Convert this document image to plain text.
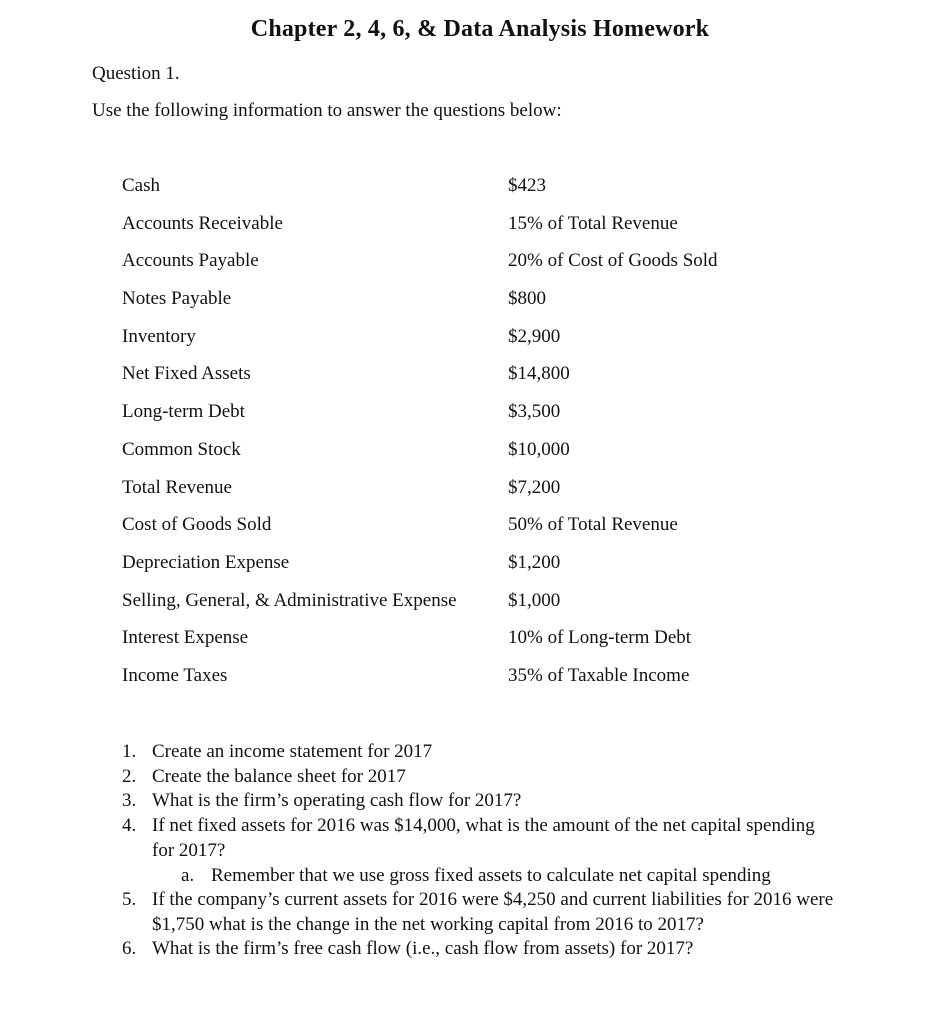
Chapter 2, 4, 6, & Data Analysis Homework
Question 1.
Use the following information to answer the questions below:
Cash	$423
Accounts Receivable	15% of Total Revenue
Accounts Payable	20% of Cost of Goods Sold
Notes Payable	$800
Inventory	$2,900
Net Fixed Assets	$14,800
Long-term Debt	$3,500
Common Stock	$10,000
Total Revenue	$7,200
Cost of Goods Sold	50% of Total Revenue
Depreciation Expense	$1,200
Selling, General, & Administrative Expense	$1,000
Interest Expense	10% of Long-term Debt
Income Taxes	35% of Taxable Income
1. Create an income statement for 2017
2. Create the balance sheet for 2017
3. What is the firm’s operating cash flow for 2017?
4. If net fixed assets for 2016 was $14,000, what is the amount of the net capital spending
for 2017?
a. Remember that we use gross fixed assets to calculate net capital spending
5. If the company’s current assets for 2016 were $4,250 and current liabilities for 2016 were
$1,750 what is the change in the net working capital from 2016 to 2017?
6. What is the firm’s free cash flow (i.e., cash flow from assets) for 2017?
